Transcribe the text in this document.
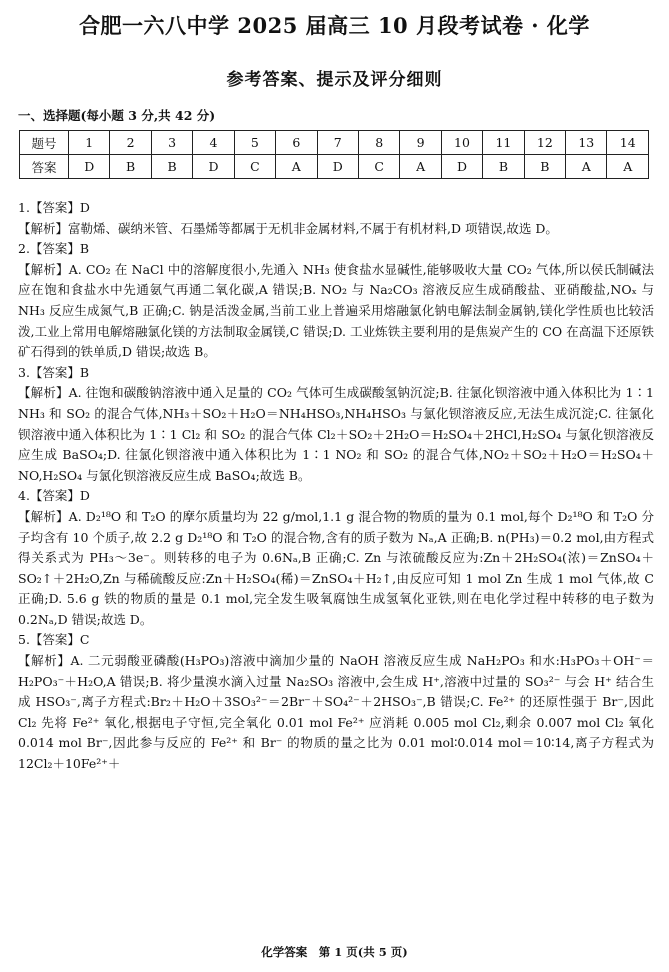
合肥一六八中学 2025 届高三 10 月段考试卷 · 化学
参考答案、提示及评分细则
一、选择题(每小题 3 分,共 42 分)
题号	1	2	3	4	5	6	7	8	9	10	11	12	13	14
答案	D	B	B	D	C	A	D	C	A	D	B	B	A	A

1.【答案】D

【解析】富勒烯、碳纳米管、石墨烯等都属于无机非金属材料,不属于有机材料,D 项错误,故选 D。

2.【答案】B

【解析】A. CO₂ 在 NaCl 中的溶解度很小,先通入 NH₃ 使食盐水显碱性,能够吸收大量 CO₂ 气体,所以侯氏制碱法应在饱和食盐水中先通氨气再通二氧化碳,A 错误;B. NO₂ 与 Na₂CO₃ 溶液反应生成硝酸盐、亚硝酸盐,NOₓ 与 NH₃ 反应生成氮气,B 正确;C. 钠是活泼金属,当前工业上普遍采用熔融氯化钠电解法制金属钠,镁化学性质也比较活泼,工业上常用电解熔融氯化镁的方法制取金属镁,C 错误;D. 工业炼铁主要利用的是焦炭产生的 CO 在高温下还原铁矿石得到的铁单质,D 错误;故选 B。

3.【答案】B

【解析】A. 往饱和碳酸钠溶液中通入足量的 CO₂ 气体可生成碳酸氢钠沉淀;B. 往氯化钡溶液中通入体积比为 1∶1 NH₃ 和 SO₂ 的混合气体,NH₃＋SO₂＋H₂O＝NH₄HSO₃,NH₄HSO₃ 与氯化钡溶液反应,无法生成沉淀;C. 往氯化钡溶液中通入体积比为 1∶1 Cl₂ 和 SO₂ 的混合气体 Cl₂＋SO₂＋2H₂O＝H₂SO₄＋2HCl,H₂SO₄ 与氯化钡溶液反应生成 BaSO₄;D. 往氯化钡溶液中通入体积比为 1∶1 NO₂ 和 SO₂ 的混合气体,NO₂＋SO₂＋H₂O＝H₂SO₄＋NO,H₂SO₄ 与氯化钡溶液反应生成 BaSO₄;故选 B。

4.【答案】D

【解析】A. D₂¹⁸O 和 T₂O 的摩尔质量均为 22 g/mol,1.1 g 混合物的物质的量为 0.1 mol,每个 D₂¹⁸O 和 T₂O 分子均含有 10 个质子,故 2.2 g D₂¹⁸O 和 T₂O 的混合物,含有的质子数为 Nₐ,A 正确;B. n(PH₃)＝0.2 mol,由方程式得关系式为 PH₃～3e⁻。则转移的电子为 0.6Nₐ,B 正确;C. Zn 与浓硫酸反应为:Zn＋2H₂SO₄(浓)＝ZnSO₄＋SO₂↑＋2H₂O,Zn 与稀硫酸反应:Zn＋H₂SO₄(稀)＝ZnSO₄＋H₂↑,由反应可知 1 mol Zn 生成 1 mol 气体,故 C 正确;D. 5.6 g 铁的物质的量是 0.1 mol,完全发生吸氧腐蚀生成氢氧化亚铁,则在电化学过程中转移的电子数为 0.2Nₐ,D 错误;故选 D。

5.【答案】C

【解析】A. 二元弱酸亚磷酸(H₃PO₃)溶液中滴加少量的 NaOH 溶液反应生成 NaH₂PO₃ 和水:H₃PO₃＋OH⁻＝H₂PO₃⁻＋H₂O,A 错误;B. 将少量溴水滴入过量 Na₂SO₃ 溶液中,会生成 H⁺,溶液中过量的 SO₃²⁻ 与会 H⁺ 结合生成 HSO₃⁻,离子方程式:Br₂＋H₂O＋3SO₃²⁻＝2Br⁻＋SO₄²⁻＋2HSO₃⁻,B 错误;C. Fe²⁺ 的还原性强于 Br⁻,因此 Cl₂ 先将 Fe²⁺ 氧化,根据电子守恒,完全氧化 0.01 mol Fe²⁺ 应消耗 0.005 mol Cl₂,剩余 0.007 mol Cl₂ 氧化 0.014 mol Br⁻,因此参与反应的 Fe²⁺ 和 Br⁻ 的物质的量之比为 0.01 mol∶0.014 mol＝10∶14,离子方程式为 12Cl₂＋10Fe²⁺＋

化学答案　第 1 页(共 5 页)
